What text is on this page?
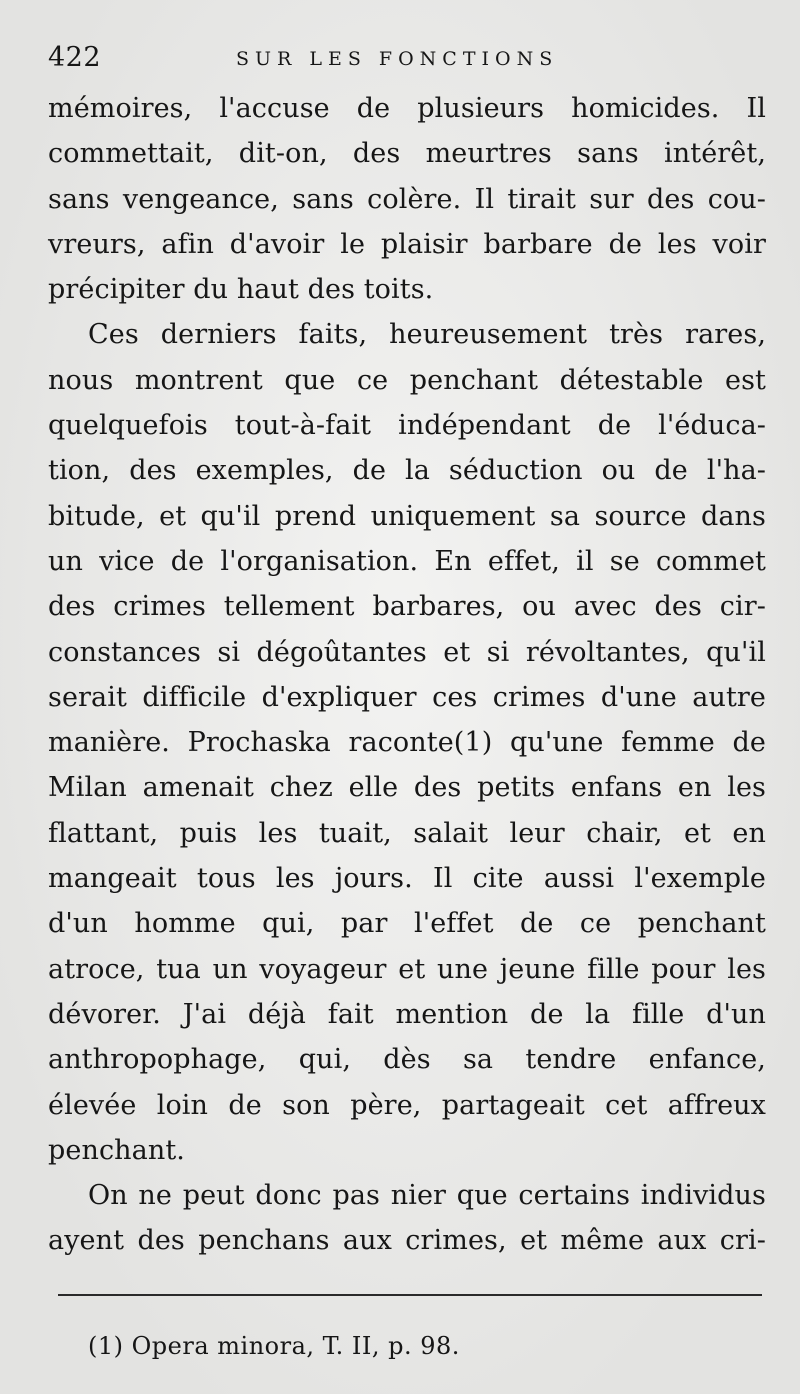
422	SUR LES FONCTIONS
mémoires, l'accuse de plusieurs homicides. Il
commettait, dit-on, des meurtres sans intérêt,
sans vengeance, sans colère. Il tirait sur des cou-
vreurs, afin d'avoir le plaisir barbare de les voir
précipiter du haut des toits.
Ces derniers faits, heureusement très rares,
nous montrent que ce penchant détestable est
quelquefois tout-à-fait indépendant de l'éduca-
tion, des exemples, de la séduction ou de l'ha-
bitude, et qu'il prend uniquement sa source dans
un vice de l'organisation. En effet, il se commet
des crimes tellement barbares, ou avec des cir-
constances si dégoûtantes et si révoltantes, qu'il
serait difficile d'expliquer ces crimes d'une autre
manière. Prochaska raconte(1) qu'une femme de
Milan amenait chez elle des petits enfans en les
flattant, puis les tuait, salait leur chair, et en
mangeait tous les jours. Il cite aussi l'exemple
d'un homme qui, par l'effet de ce penchant
atroce, tua un voyageur et une jeune fille pour les
dévorer. J'ai déjà fait mention de la fille d'un
anthropophage, qui, dès sa tendre enfance,
élevée loin de son père, partageait cet affreux
penchant.
On ne peut donc pas nier que certains individus
ayent des penchans aux crimes, et même aux cri-
(1) Opera minora, T. II, p. 98.
